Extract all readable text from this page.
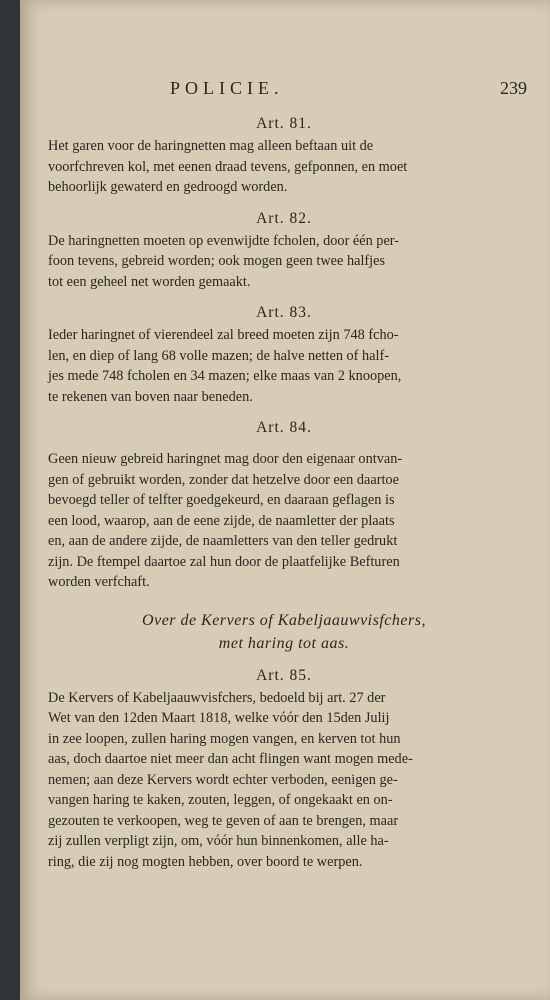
POLICIE.	239

Art. 81.

Het garen voor de haringnetten mag alleen beftaan uit de

voorfchreven kol, met eenen draad tevens, gefponnen, en moet

behoorlijk gewaterd en gedroogd worden.

Art. 82.

De haringnetten moeten op evenwijdte fcholen, door één per-

foon tevens, gebreid worden; ook mogen geen twee halfjes

tot een geheel net worden gemaakt.

Art. 83.

Ieder haringnet of vierendeel zal breed moeten zijn 748 fcho-

len, en diep of lang 68 volle mazen; de halve netten of half-

jes mede 748 fcholen en 34 mazen; elke maas van 2 knoopen,

te rekenen van boven naar beneden.

Art. 84.

Geen nieuw gebreid haringnet mag door den eigenaar ontvan-

gen of gebruikt worden, zonder dat hetzelve door een daartoe

bevoegd teller of telfter goedgekeurd, en daaraan geflagen is

een lood, waarop, aan de eene zijde, de naamletter der plaats

en, aan de andere zijde, de naamletters van den teller gedrukt

zijn. De ftempel daartoe zal hun door de plaatfelijke Befturen

worden verfchaft.

Over de Kervers of Kabeljaauwvisfchers,

met haring tot aas.

Art. 85.

De Kervers of Kabeljaauwvisfchers, bedoeld bij art. 27 der

Wet van den 12den Maart 1818, welke vóór den 15den Julij

in zee loopen, zullen haring mogen vangen, en kerven tot hun

aas, doch daartoe niet meer dan acht flingen want mogen mede-

nemen; aan deze Kervers wordt echter verboden, eenigen ge-

vangen haring te kaken, zouten, leggen, of ongekaakt en on-

gezouten te verkoopen, weg te geven of aan te brengen, maar

zij zullen verpligt zijn, om, vóór hun binnenkomen, alle ha-

ring, die zij nog mogten hebben, over boord te werpen.
